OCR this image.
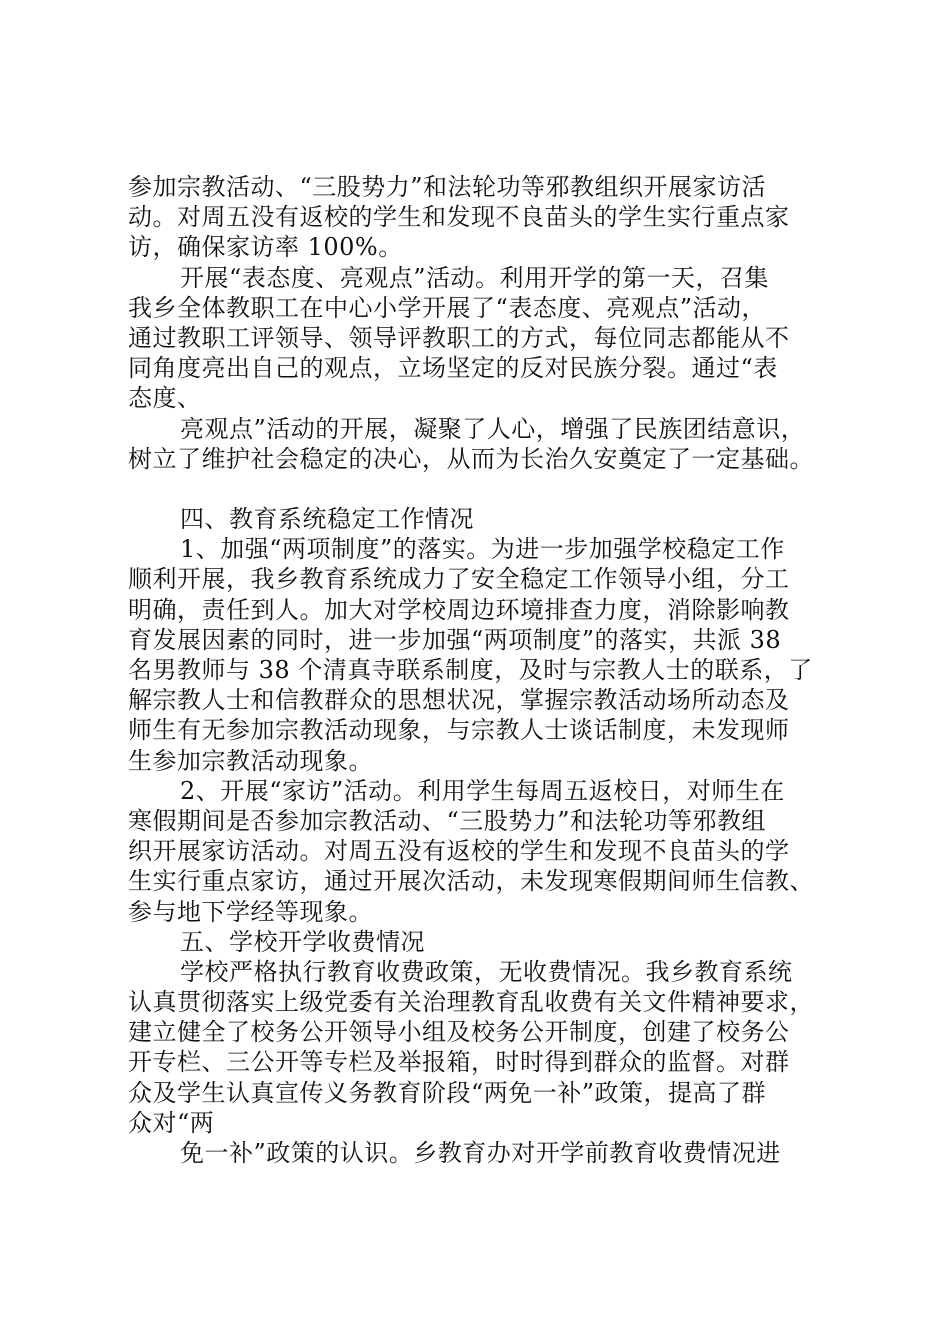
参加宗教活动、“三股势力”和法轮功等邪教组织开展家访活
动。对周五没有返校的学生和发现不良苗头的学生实行重点家
访，确保家访率 100%。
开展“表态度、亮观点”活动。利用开学的第一天，召集
我乡全体教职工在中心小学开展了“表态度、亮观点”活动，
通过教职工评领导、领导评教职工的方式，每位同志都能从不
同角度亮出自己的观点，立场坚定的反对民族分裂。通过“表
态度、
亮观点”活动的开展，凝聚了人心，增强了民族团结意识，
树立了维护社会稳定的决心，从而为长治久安奠定了一定基础。
四、教育系统稳定工作情况
1、加强“两项制度”的落实。为进一步加强学校稳定工作
顺利开展，我乡教育系统成力了安全稳定工作领导小组，分工
明确，责任到人。加大对学校周边环境排查力度，消除影响教
育发展因素的同时，进一步加强“两项制度”的落实，共派 38
名男教师与 38 个清真寺联系制度，及时与宗教人士的联系，了
解宗教人士和信教群众的思想状况，掌握宗教活动场所动态及
师生有无参加宗教活动现象，与宗教人士谈话制度，未发现师
生参加宗教活动现象。
2、开展“家访”活动。利用学生每周五返校日，对师生在
寒假期间是否参加宗教活动、“三股势力”和法轮功等邪教组
织开展家访活动。对周五没有返校的学生和发现不良苗头的学
生实行重点家访，通过开展次活动，未发现寒假期间师生信教、
参与地下学经等现象。
五、学校开学收费情况
学校严格执行教育收费政策，无收费情况。我乡教育系统
认真贯彻落实上级党委有关治理教育乱收费有关文件精神要求，
建立健全了校务公开领导小组及校务公开制度，创建了校务公
开专栏、三公开等专栏及举报箱，时时得到群众的监督。对群
众及学生认真宣传义务教育阶段“两免一补”政策，提高了群
众对“两
免一补”政策的认识。乡教育办对开学前教育收费情况进
